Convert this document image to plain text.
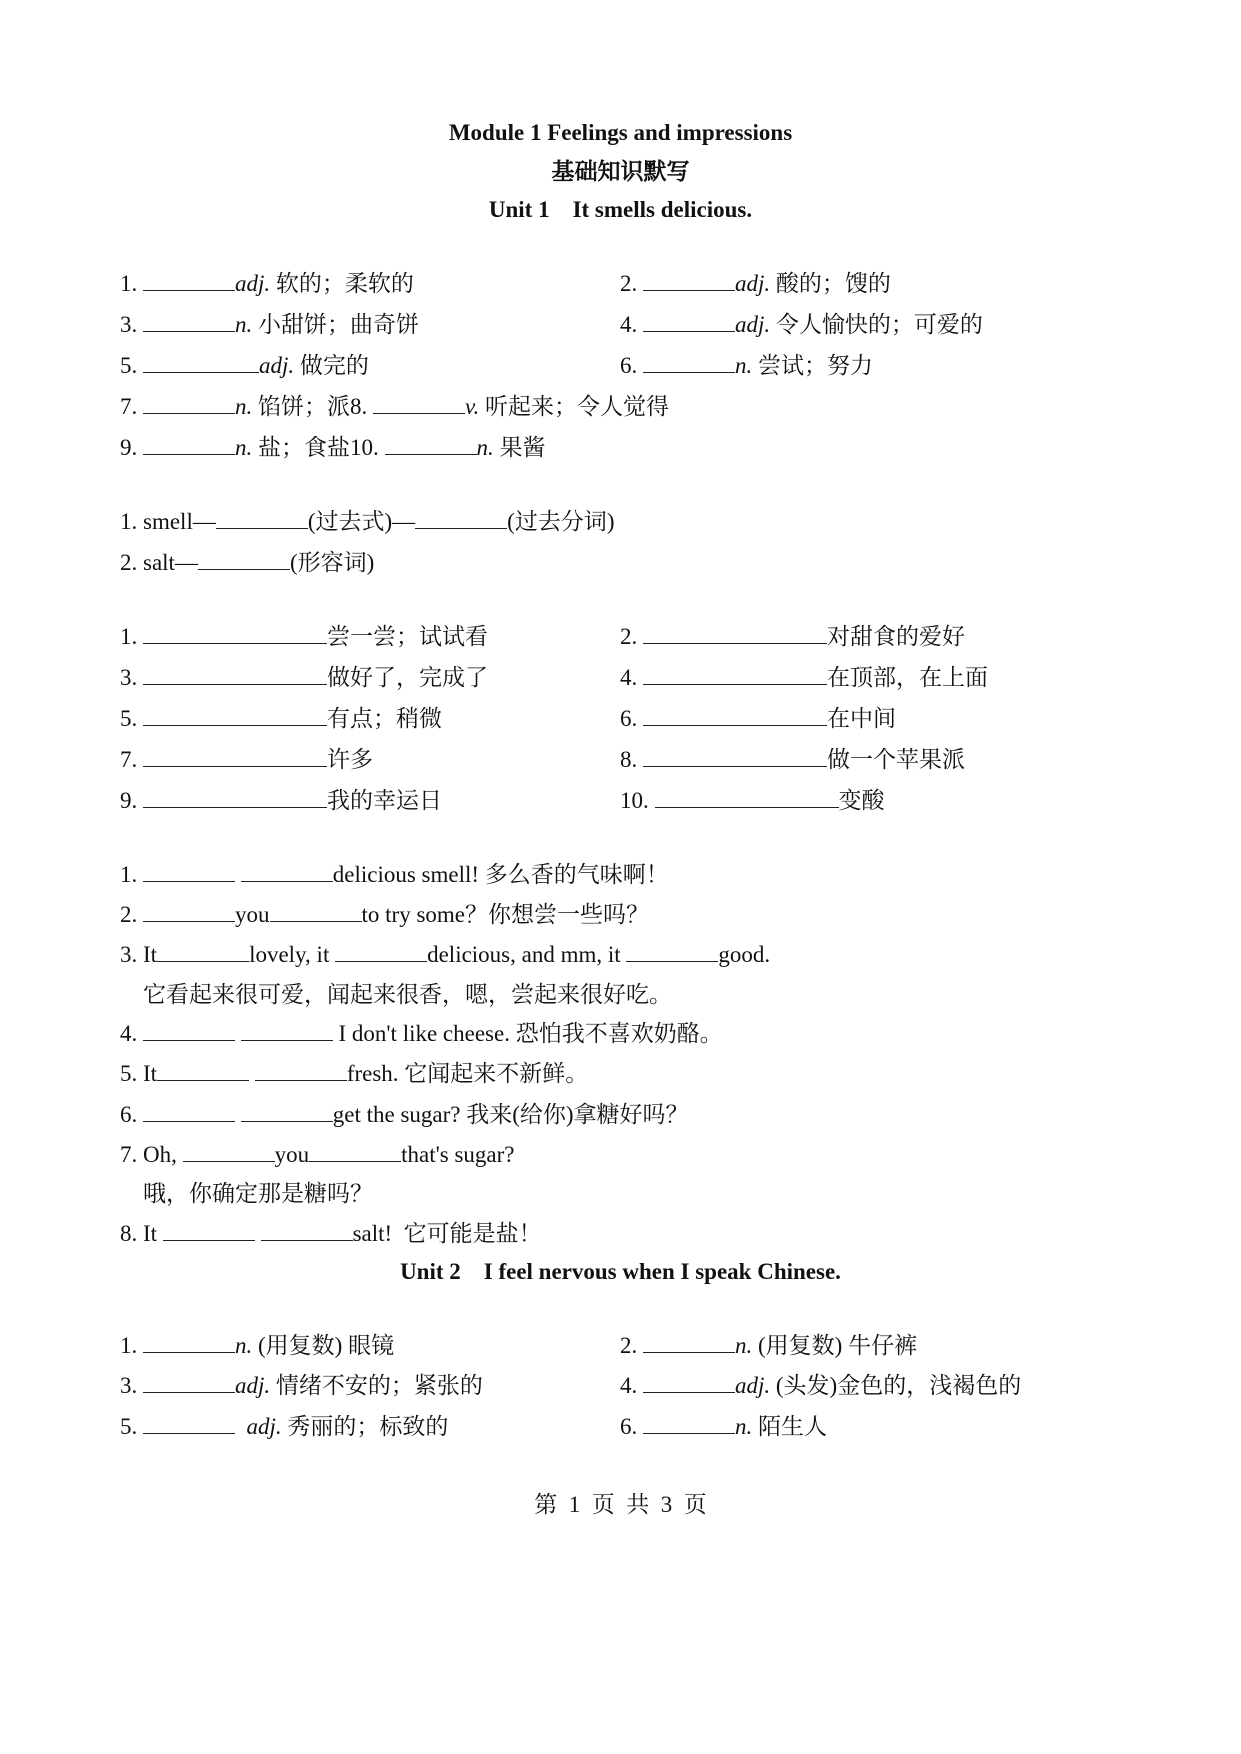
Module 1 Feelings and impressions
基础知识默写
Unit 1    It smells delicious.
1.	adj. 软的；柔软的	2.	adj. 酸的；馊的
3.	n. 小甜饼；曲奇饼	4.	adj. 令人愉快的；可爱的
5.	adj. 做完的	6.	n. 尝试；努力
7.	n. 馅饼；派8.	v. 听起来；令人觉得
9.	n. 盐；食盐10.	n. 果酱
1. smell—	(过去式)—	(过去分词)
2. salt—	(形容词)
1.	尝一尝；试试看	2.	对甜食的爱好
3.	做好了，完成了	4.	在顶部，在上面
5.	有点；稍微	6.	在中间
7.	许多	8.	做一个苹果派
9.	我的幸运日	10.	变酸
1.	delicious smell! 多么香的气味啊！
2.	you	to try some？你想尝一些吗？
3. It	lovely, it	delicious, and mm, it	good.
它看起来很可爱，闻起来很香，嗯，尝起来很好吃。
4.	I don't like cheese. 恐怕我不喜欢奶酪。
5. It	fresh. 它闻起来不新鲜。
6.	get the sugar? 我来(给你)拿糖好吗？
7. Oh,	you	that's sugar?
哦，你确定那是糖吗？
8. It	salt!  它可能是盐！
Unit 2    I feel nervous when I speak Chinese.
1.	n. (用复数) 眼镜	2.	n. (用复数) 牛仔裤
3.	adj. 情绪不安的；紧张的	4.	adj. (头发)金色的，浅褐色的
5.	adj. 秀丽的；标致的	6.	n. 陌生人
第  1  页  共  3  页
